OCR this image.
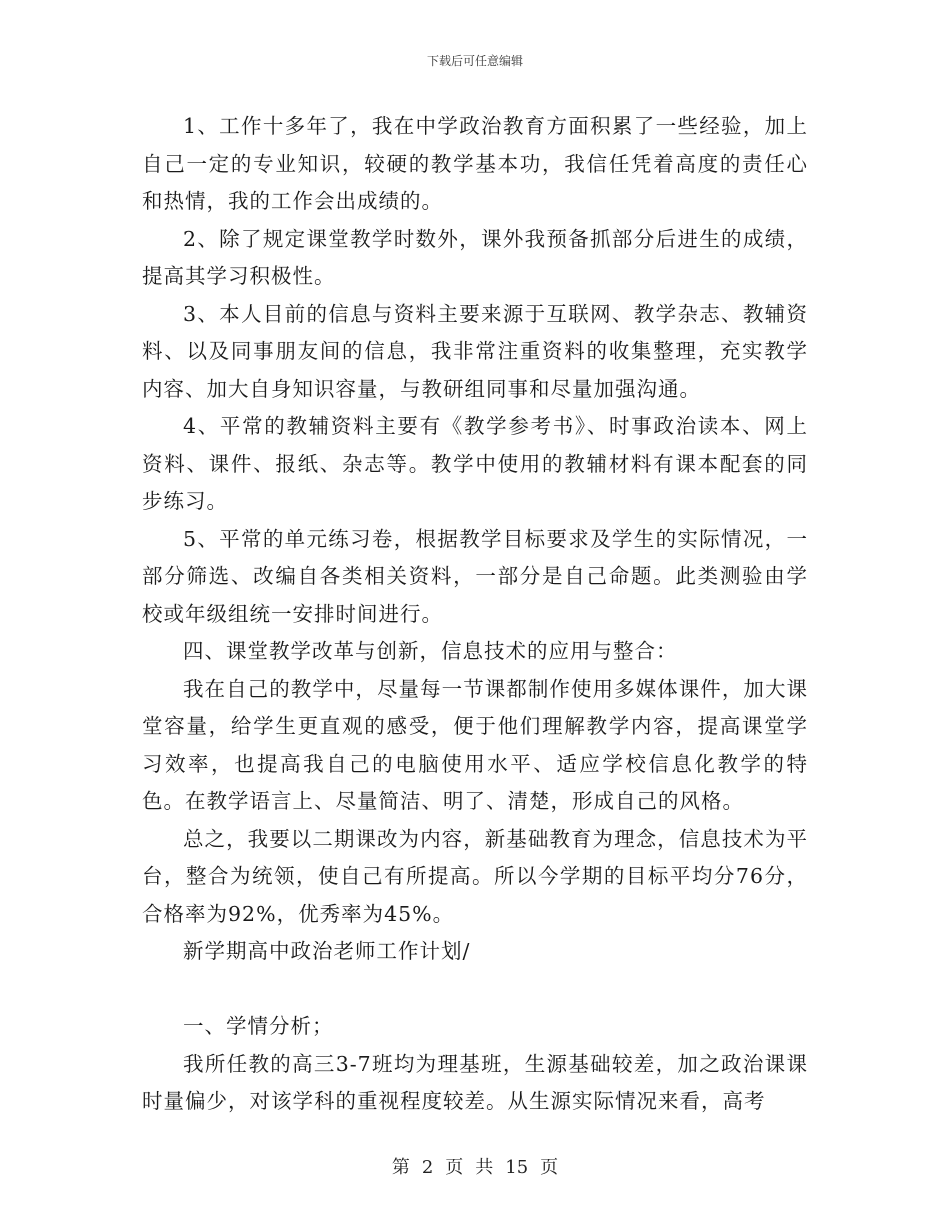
下载后可任意编辑

1、工作十多年了，我在中学政治教育方面积累了一些经验，加上自己一定的专业知识，较硬的教学基本功，我信任凭着高度的责任心和热情，我的工作会出成绩的。

2、除了规定课堂教学时数外，课外我预备抓部分后进生的成绩，提高其学习积极性。

3、本人目前的信息与资料主要来源于互联网、教学杂志、教辅资料、以及同事朋友间的信息，我非常注重资料的收集整理，充实教学内容、加大自身知识容量，与教研组同事和尽量加强沟通。

4、平常的教辅资料主要有《教学参考书》、时事政治读本、网上资料、课件、报纸、杂志等。教学中使用的教辅材料有课本配套的同步练习。

5、平常的单元练习卷，根据教学目标要求及学生的实际情况，一部分筛选、改编自各类相关资料，一部分是自己命题。此类测验由学校或年级组统一安排时间进行。

四、课堂教学改革与创新，信息技术的应用与整合：

我在自己的教学中，尽量每一节课都制作使用多媒体课件，加大课堂容量，给学生更直观的感受，便于他们理解教学内容，提高课堂学习效率，也提高我自己的电脑使用水平、适应学校信息化教学的特色。在教学语言上、尽量简洁、明了、清楚，形成自己的风格。

总之，我要以二期课改为内容，新基础教育为理念，信息技术为平台，整合为统领，使自己有所提高。所以今学期的目标平均分76分，合格率为92%，优秀率为45%。

新学期高中政治老师工作计划/

一、学情分析；

我所任教的高三3-7班均为理基班，生源基础较差，加之政治课课时量偏少，对该学科的重视程度较差。从生源实际情况来看，高考

第 2 页 共 15 页
